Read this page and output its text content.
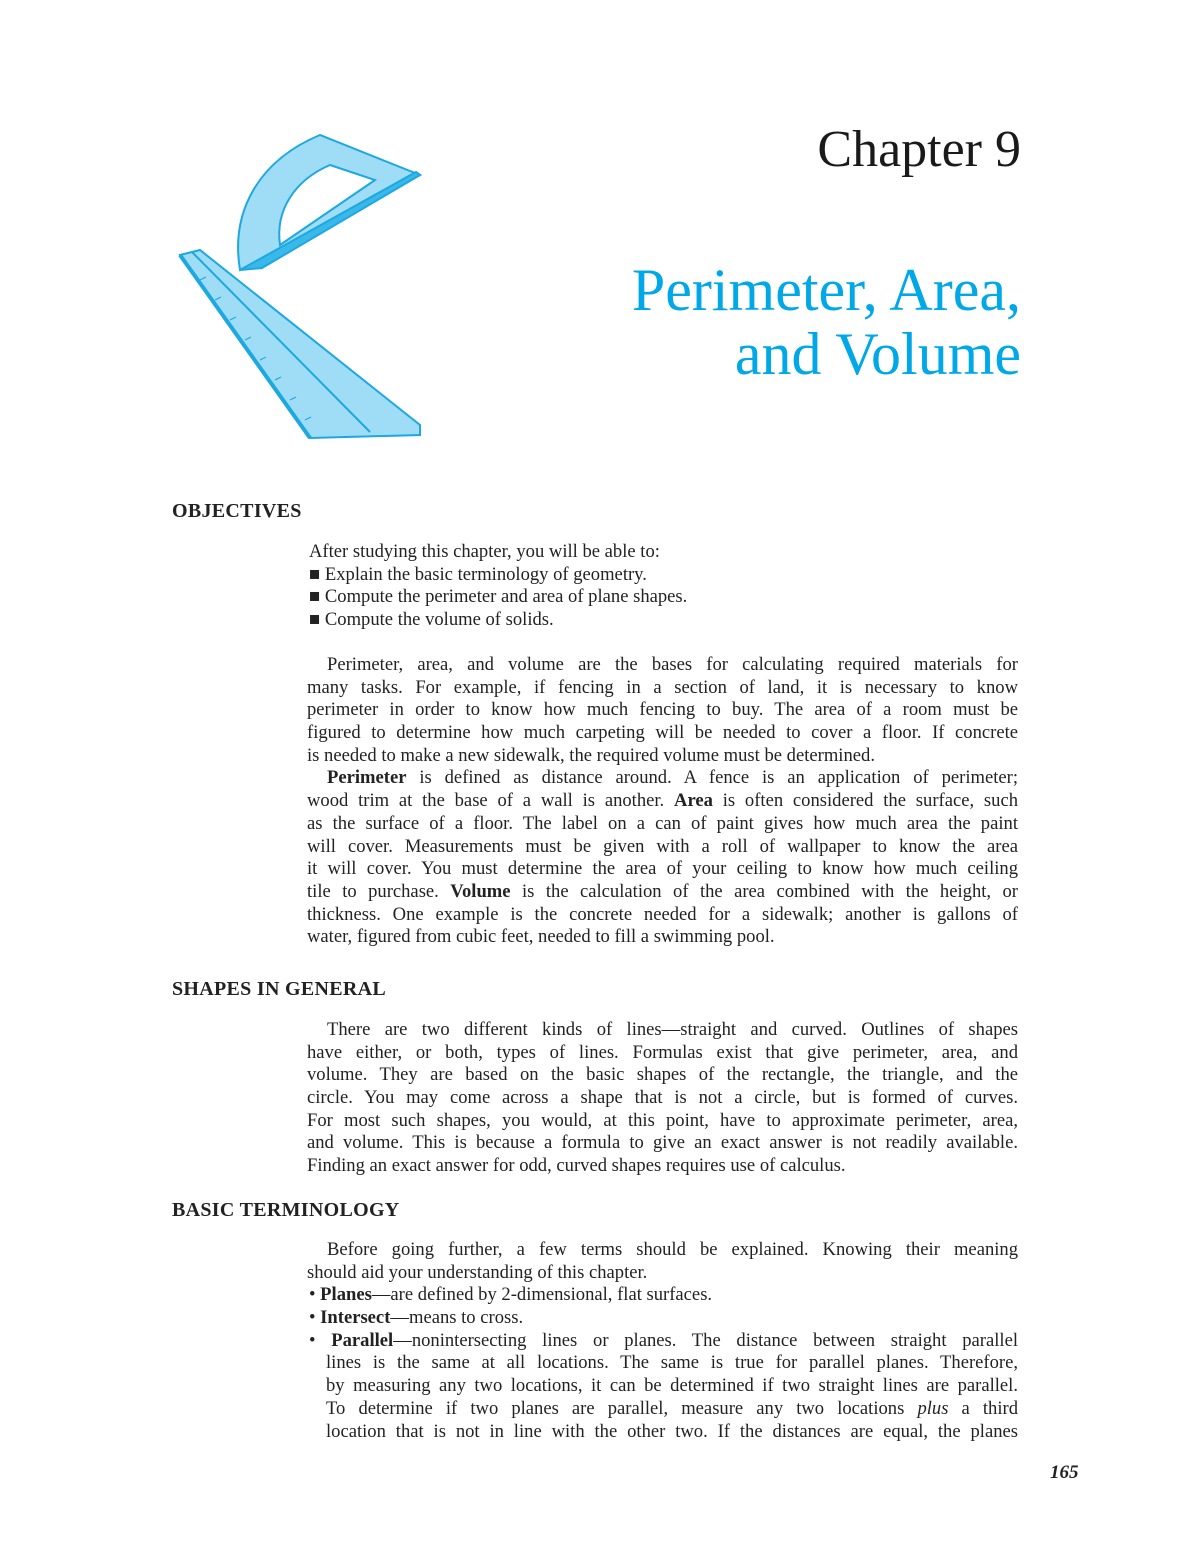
Chapter 9
Perimeter, Area,
and Volume
OBJECTIVES
After studying this chapter, you will be able to:
■ Explain the basic terminology of geometry.
■ Compute the perimeter and area of plane shapes.
■ Compute the volume of solids.
Perimeter, area, and volume are the bases for calculating required materials for
many tasks. For example, if fencing in a section of land, it is necessary to know
perimeter in order to know how much fencing to buy. The area of a room must be
figured to determine how much carpeting will be needed to cover a floor. If concrete
is needed to make a new sidewalk, the required volume must be determined.
Perimeter is defined as distance around. A fence is an application of perimeter;
wood trim at the base of a wall is another. Area is often considered the surface, such
as the surface of a floor. The label on a can of paint gives how much area the paint
will cover. Measurements must be given with a roll of wallpaper to know the area
it will cover. You must determine the area of your ceiling to know how much ceiling
tile to purchase. Volume is the calculation of the area combined with the height, or
thickness. One example is the concrete needed for a sidewalk; another is gallons of
water, figured from cubic feet, needed to fill a swimming pool.
SHAPES IN GENERAL
There are two different kinds of lines—straight and curved. Outlines of shapes
have either, or both, types of lines. Formulas exist that give perimeter, area, and
volume. They are based on the basic shapes of the rectangle, the triangle, and the
circle. You may come across a shape that is not a circle, but is formed of curves.
For most such shapes, you would, at this point, have to approximate perimeter, area,
and volume. This is because a formula to give an exact answer is not readily available.
Finding an exact answer for odd, curved shapes requires use of calculus.
BASIC TERMINOLOGY
Before going further, a few terms should be explained. Knowing their meaning
should aid your understanding of this chapter.
• Planes—are defined by 2-dimensional, flat surfaces.
• Intersect—means to cross.
• Parallel—nonintersecting lines or planes. The distance between straight parallel
lines is the same at all locations. The same is true for parallel planes. Therefore,
by measuring any two locations, it can be determined if two straight lines are parallel.
To determine if two planes are parallel, measure any two locations plus a third
location that is not in line with the other two. If the distances are equal, the planes
165
